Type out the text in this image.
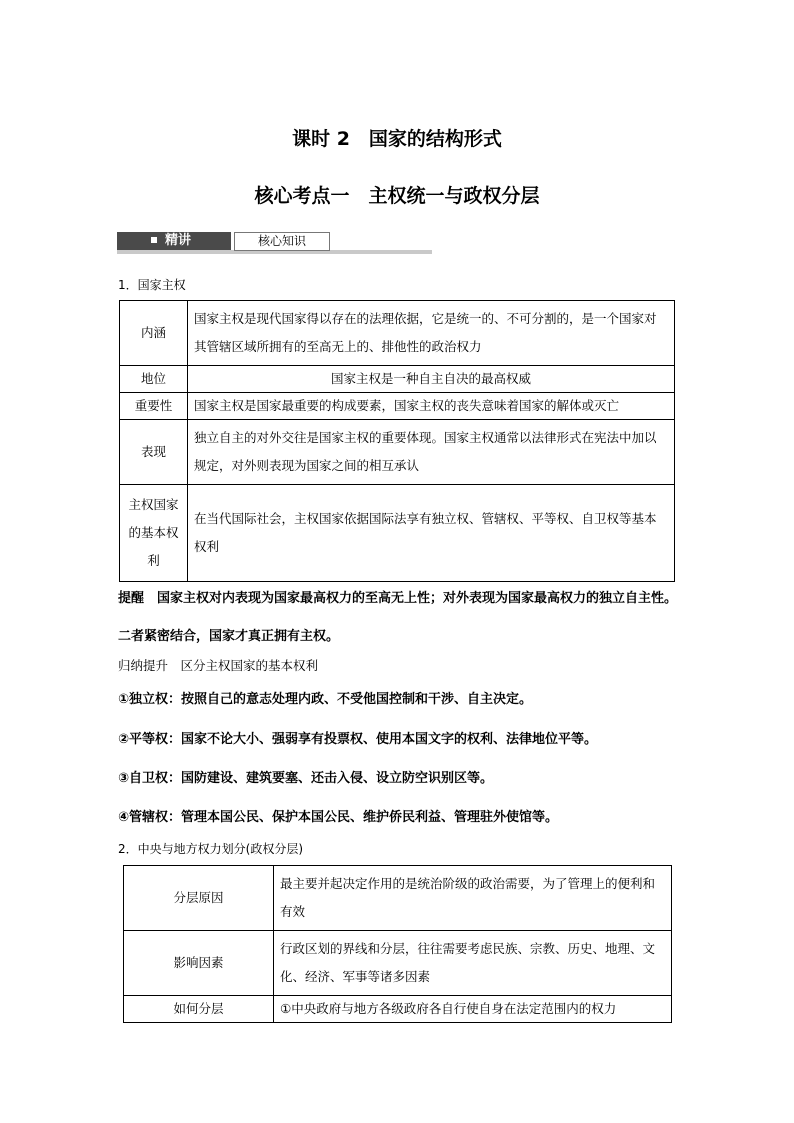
课时 2　国家的结构形式
核心考点一　主权统一与政权分层
精讲	核心知识
1．国家主权
内涵	国家主权是现代国家得以存在的法理依据，它是统一的、不可分割的，是一个国家对其管辖区域所拥有的至高无上的、排他性的政治权力
地位	国家主权是一种自主自决的最高权威
重要性	国家主权是国家最重要的构成要素，国家主权的丧失意味着国家的解体或灭亡
表现	独立自主的对外交往是国家主权的重要体现。国家主权通常以法律形式在宪法中加以规定，对外则表现为国家之间的相互承认
主权国家的基本权利	在当代国际社会，主权国家依据国际法享有独立权、管辖权、平等权、自卫权等基本权利
提醒　 国家主权对内表现为国家最高权力的至高无上性；对外表现为国家最高权力的独立自主性。二者紧密结合，国家才真正拥有主权。
归纳提升　 区分主权国家的基本权利
①独立权：按照自己的意志处理内政、不受他国控制和干涉、自主决定。
②平等权：国家不论大小、强弱享有投票权、使用本国文字的权利、法律地位平等。
③自卫权：国防建设、建筑要塞、还击入侵、设立防空识别区等。
④管辖权：管理本国公民、保护本国公民、维护侨民利益、管理驻外使馆等。
2．中央与地方权力划分(政权分层)
分层原因	最主要并起决定作用的是统治阶级的政治需要，为了管理上的便利和有效
影响因素	行政区划的界线和分层，往往需要考虑民族、宗教、历史、地理、文化、经济、军事等诸多因素
如何分层	①中央政府与地方各级政府各自行使自身在法定范围内的权力
